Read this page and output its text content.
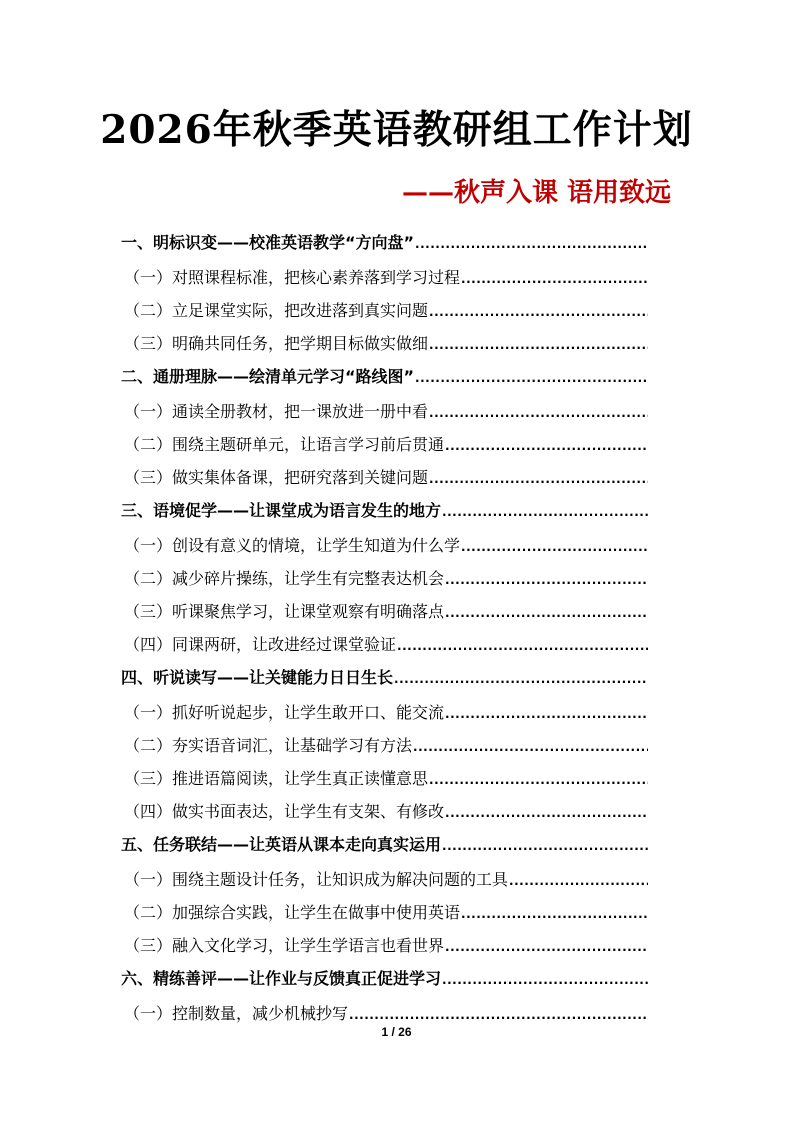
2026年秋季英语教研组工作计划
——秋声入课 语用致远
一、明标识变——校准英语教学“方向盘”
.....
（一）对照课程标准，把核心素养落到学习过程
.....
（二）立足课堂实际，把改进落到真实问题
.....
（三）明确共同任务，把学期目标做实做细
.....
二、通册理脉——绘清单元学习“路线图”
.....
（一）通读全册教材，把一课放进一册中看
.....
（二）围绕主题研单元，让语言学习前后贯通
.....
（三）做实集体备课，把研究落到关键问题
.....
三、语境促学——让课堂成为语言发生的地方
.....
（一）创设有意义的情境，让学生知道为什么学
.....
（二）减少碎片操练，让学生有完整表达机会
.....
（三）听课聚焦学习，让课堂观察有明确落点
.....
（四）同课两研，让改进经过课堂验证
.....
四、听说读写——让关键能力日日生长
.....
（一）抓好听说起步，让学生敢开口、能交流
.....
（二）夯实语音词汇，让基础学习有方法
.....
（三）推进语篇阅读，让学生真正读懂意思
.....
（四）做实书面表达，让学生有支架、有修改
.....
五、任务联结——让英语从课本走向真实运用
.....
（一）围绕主题设计任务，让知识成为解决问题的工具
.....
（二）加强综合实践，让学生在做事中使用英语
.....
（三）融入文化学习，让学生学语言也看世界
.....
六、精练善评——让作业与反馈真正促进学习
.....
（一）控制数量，减少机械抄写
.....
1 / 26
